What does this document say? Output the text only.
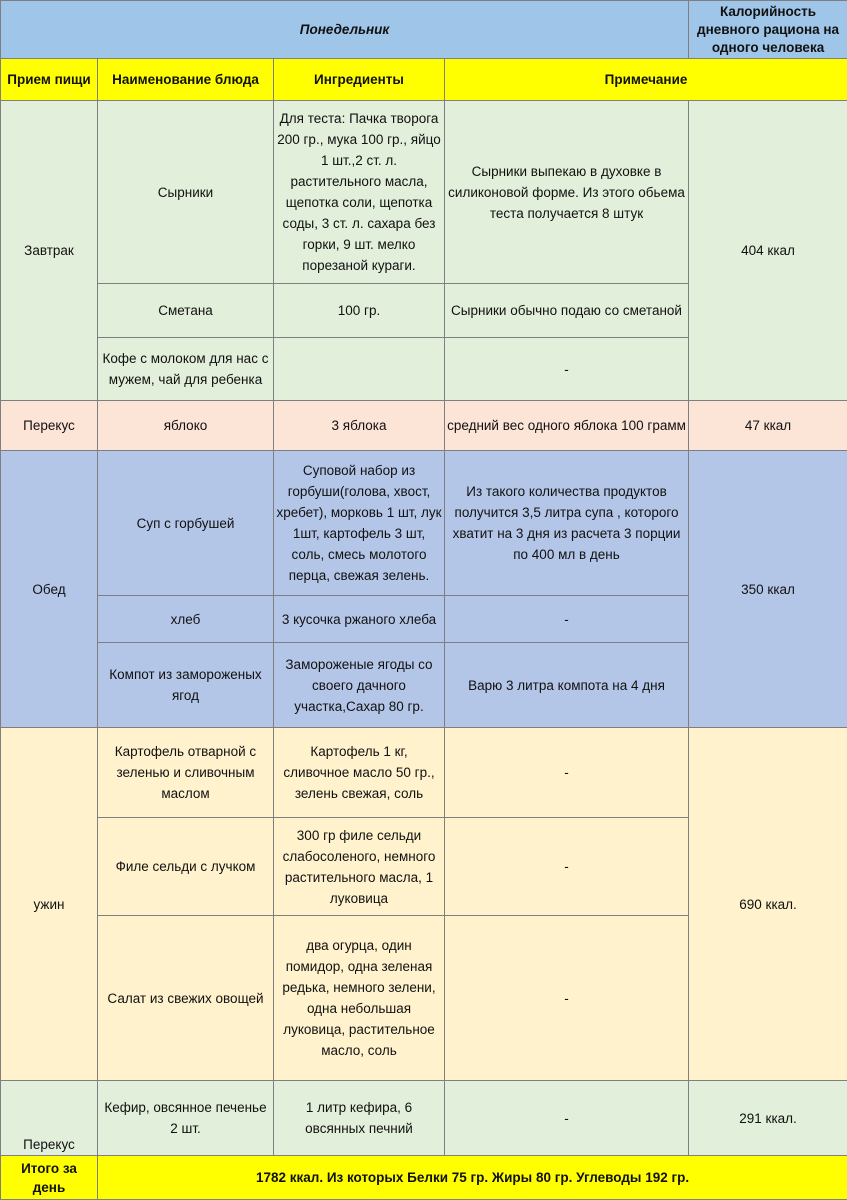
Понедельник				Калорийность дневного рациона на одного человека
Прием пищи	Наименование блюда	Ингредиенты	Примечание	
Завтрак	Сырники	Для теста: Пачка творога 200 гр., мука 100 гр., яйцо 1 шт.,2 ст. л. растительного масла, щепотка соли, щепотка соды, 3 ст. л. сахара без горки, 9 шт. мелко порезаной кураги.	Сырники выпекаю в духовке в силиконовой форме. Из этого обьема теста получается 8 штук	404 ккал
	Сметана	100 гр.	Сырники обычно подаю со сметаной	
	Кофе с молоком для нас с мужем, чай для ребенка		-	
Перекус	яблоко	3 яблока	средний вес одного яблока 100 грамм	47 ккал
Обед	Суп с горбушей	Суповой набор из горбуши(голова, хвост, хребет), морковь 1 шт, лук 1шт, картофель 3 шт, соль, смесь молотого перца, свежая зелень.	Из такого количества продуктов получится 3,5 литра супа , которого хватит на 3 дня из расчета 3 порции по 400 мл в день	350 ккал
	хлеб	3 кусочка ржаного хлеба	-	
	Компот из замороженых ягод	Замороженые ягоды со своего дачного участка,Сахар 80 гр.	Варю 3 литра компота на 4 дня	
ужин	Картофель отварной с зеленью и сливочным маслом	Картофель 1 кг, сливочное масло 50 гр., зелень свежая, соль	-	690 ккал.
	Филе сельди с лучком	300 гр филе сельди слабосоленого, немного растительного масла, 1 луковица	-	
	Салат из свежих овощей	два огурца, один помидор, одна зеленая редька, немного зелени, одна небольшая луковица, растительное масло, соль	-	
Перекус	Кефир, овсянное печенье 2 шт.	1 литр кефира, 6 овсянных печний	-	291 ккал.
Итого за день	1782 ккал. Из которых Белки 75 гр. Жиры 80 гр. Углеводы 192 гр.			
